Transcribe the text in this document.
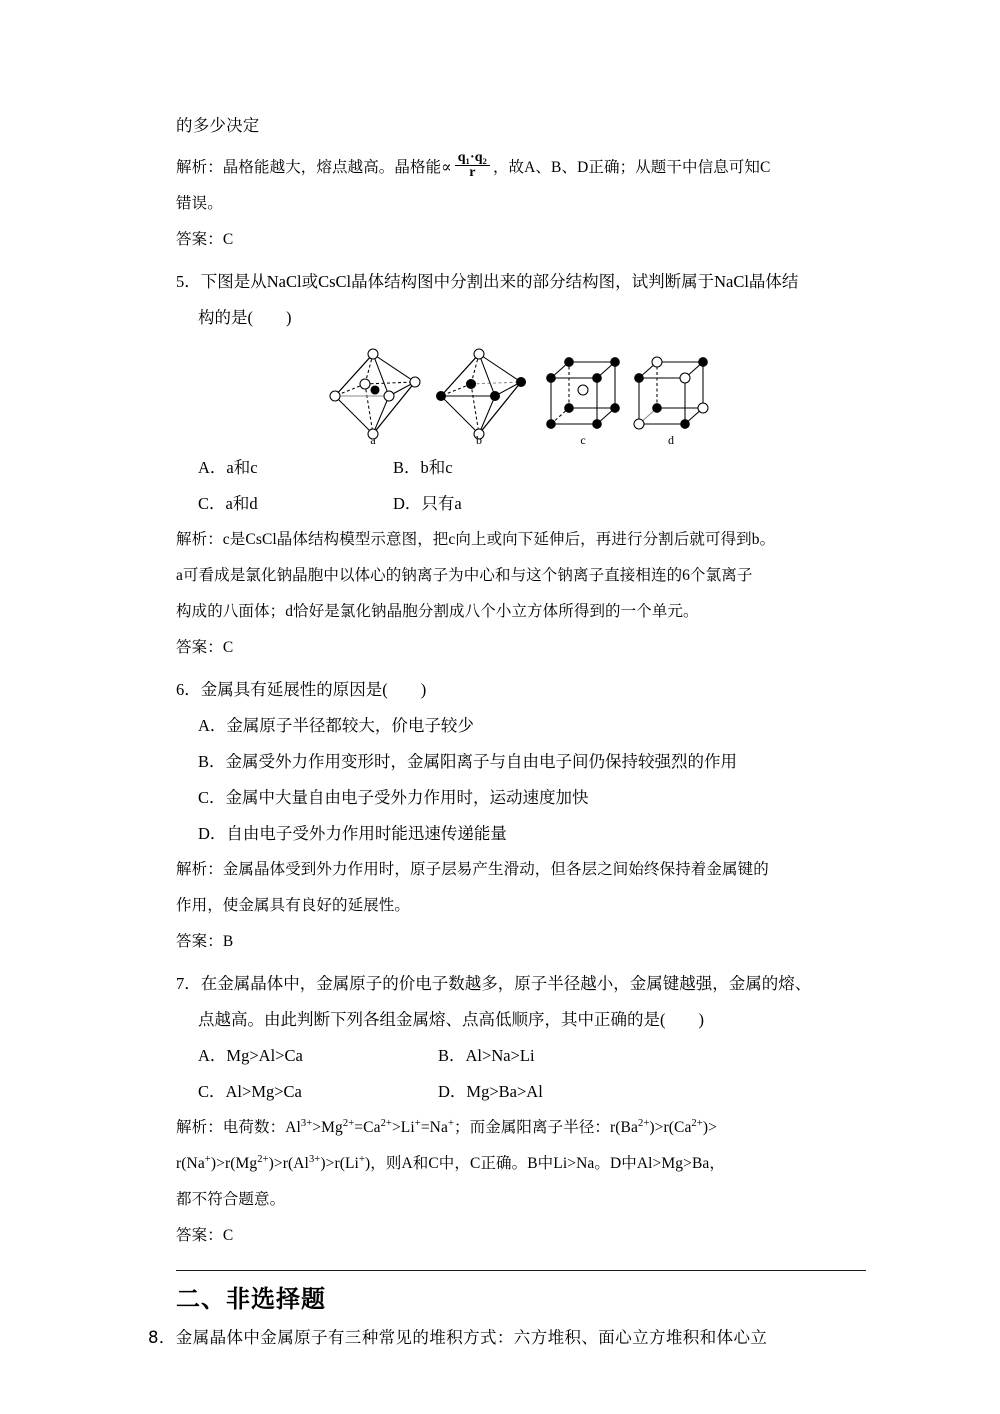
的多少决定
解析：晶格能越大，熔点越高。晶格能∝ $\frac{\text{q₁·q₂}}{r}$ ，故A、B、D正确；从题干中信息可知C
错误。
答案：C
5．下图是从NaCl或CsCl晶体结构图中分割出来的部分结构图，试判断属于NaCl晶体结
构的是(　　)
a	b	c	d
A．a和c	B．b和c
C．a和d	D．只有a
解析：c是CsCl晶体结构模型示意图，把c向上或向下延伸后，再进行分割后就可得到b。
a可看成是氯化钠晶胞中以体心的钠离子为中心和与这个钠离子直接相连的6个氯离子
构成的八面体；d恰好是氯化钠晶胞分割成八个小立方体所得到的一个单元。
答案：C
6．金属具有延展性的原因是(　　)
A．金属原子半径都较大，价电子较少
B．金属受外力作用变形时，金属阳离子与自由电子间仍保持较强烈的作用
C．金属中大量自由电子受外力作用时，运动速度加快
D．自由电子受外力作用时能迅速传递能量
解析：金属晶体受到外力作用时，原子层易产生滑动，但各层之间始终保持着金属键的
作用，使金属具有良好的延展性。
答案：B
7．在金属晶体中，金属原子的价电子数越多，原子半径越小，金属键越强，金属的熔、
点越高。由此判断下列各组金属熔、点高低顺序，其中正确的是(　　)
A．Mg>Al>Ca	B．Al>Na>Li
C．Al>Mg>Ca	D．Mg>Ba>Al
解析：电荷数：$Al^{3+}>Mg^{2+}=Ca^{2+}>Li^+=Na^+$；而金属阳离子半径：$r(Ba^{2+})>r(Ca^{2+})>$
$r(Na^+)>r(Mg^{2+})>r(Al^{3+})>r(Li^+)$，则A和C中，C正确。B中Li>Na。D中Al>Mg>Ba，
都不符合题意。
答案：C
二、非选择题
8．金属晶体中金属原子有三种常见的堆积方式：六方堆积、面心立方堆积和体心立
